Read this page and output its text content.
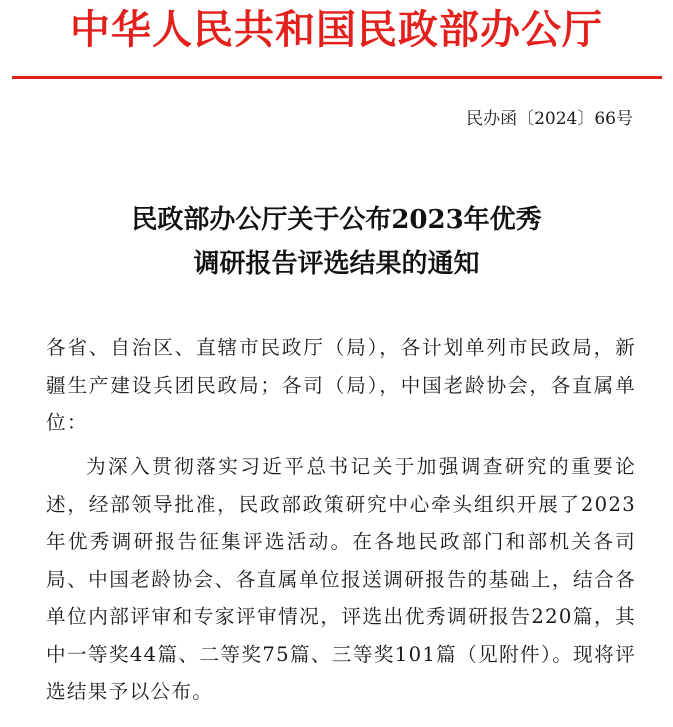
中华人民共和国民政部办公厅
民办函〔2024〕66号
民政部办公厅关于公布2023年优秀
调研报告评选结果的通知
各省、自治区、直辖市民政厅（局），各计划单列市民政局，新疆生产建设兵团民政局；各司（局），中国老龄协会，各直属单位：
为深入贯彻落实习近平总书记关于加强调查研究的重要论述，经部领导批准，民政部政策研究中心牵头组织开展了2023年优秀调研报告征集评选活动。在各地民政部门和部机关各司局、中国老龄协会、各直属单位报送调研报告的基础上，结合各单位内部评审和专家评审情况，评选出优秀调研报告220篇，其中一等奖44篇、二等奖75篇、三等奖101篇（见附件）。现将评选结果予以公布。
